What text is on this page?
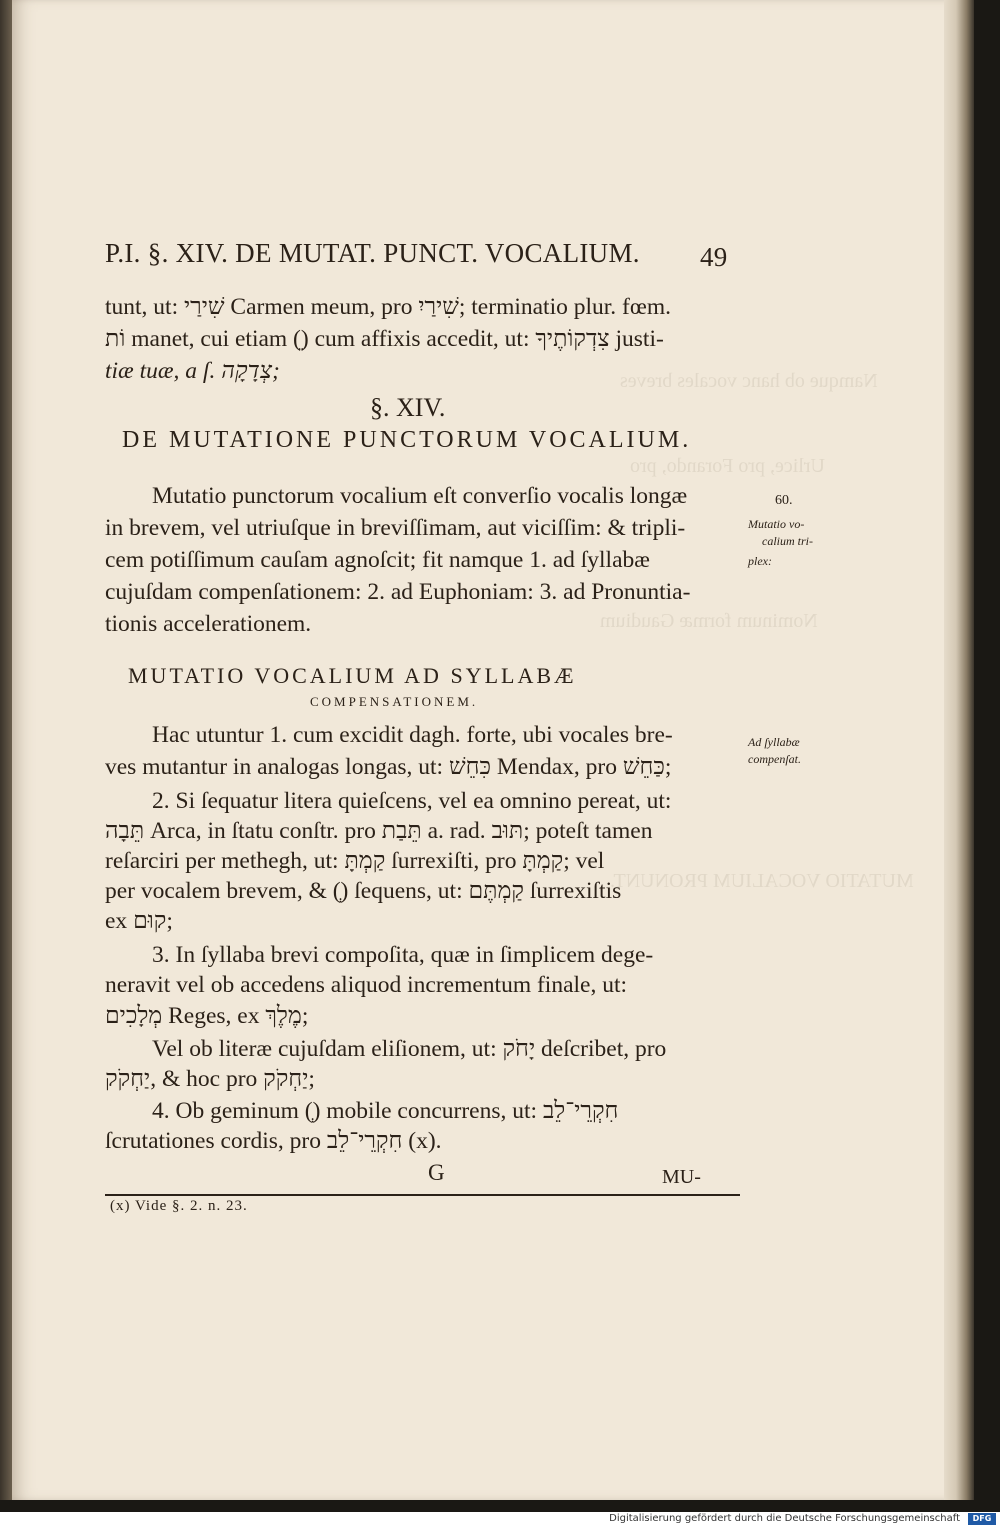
Namque ob hanc vocales breves
Urlice, pro Forando, pro
Nominum formæ Gaudium
MUTATIO VOCALIUM PRONUNT.
P.I. §. XIV. DE MUTAT. PUNCT. VOCALIUM. 49
tunt, ut: שִׁירַי Carmen meum, pro שִׁירַיִ; terminatio plur. fœm.
וֹת manet, cui etiam (ֵ) cum affixis accedit, ut: צִדְקוֹתֶיךָ justi-
tiæ tuæ, a ſ. צְדָקָה;
§. XIV.
DE MUTATIONE PUNCTORUM VOCALIUM.
Mutatio punctorum vocalium eſt converſio vocalis longæ
in brevem, vel utriuſque in breviſſimam, aut viciſſim: & tripli-
cem potiſſimum cauſam agnoſcit; fit namque 1. ad ſyllabæ
cujuſdam compenſationem: 2. ad Euphoniam: 3. ad Pronuntia-
tionis accelerationem.
60.
Mutatio vo-
calium tri-
plex:
MUTATIO VOCALIUM AD SYLLABÆ
COMPENSATIONEM.
Hac utuntur 1. cum excidit dagh. forte, ubi vocales bre-
ves mutantur in analogas longas, ut: כִּחֵשׁ Mendax, pro כַּחֵשׁ;
2. Si ſequatur litera quieſcens, vel ea omnino pereat, ut:
תֵּבָה Arca, in ſtatu conſtr. pro תֵּבַת a. rad. תּוּב; poteſt tamen
reſarciri per methegh, ut: קַמְתָּ ſurrexiſti, pro קַמְתָּ; vel
per vocalem brevem, & (ְ) ſequens, ut: קַמְתֶּם ſurrexiſtis
ex קוּם;
3. In ſyllaba brevi compoſita, quæ in ſimplicem dege-
neravit vel ob accedens aliquod incrementum finale, ut:
מְלָכִים Reges, ex מֶלֶךְ;
Vel ob literæ cujuſdam eliſionem, ut: יָחֹק deſcribet, pro
יַחְקֹק, & hoc pro יַחְקֹק;
4. Ob geminum (ְ) mobile concurrens, ut: חִקְרֵי־לֵב
ſcrutationes cordis, pro חִקְרֵי־לֵב (x).
Ad ſyllabæ
compenſat.
G	MU-
(x) Vide §. 2. n. 23.
Digitalisierung gefördert durch die Deutsche Forschungsgemeinschaft	DFG
